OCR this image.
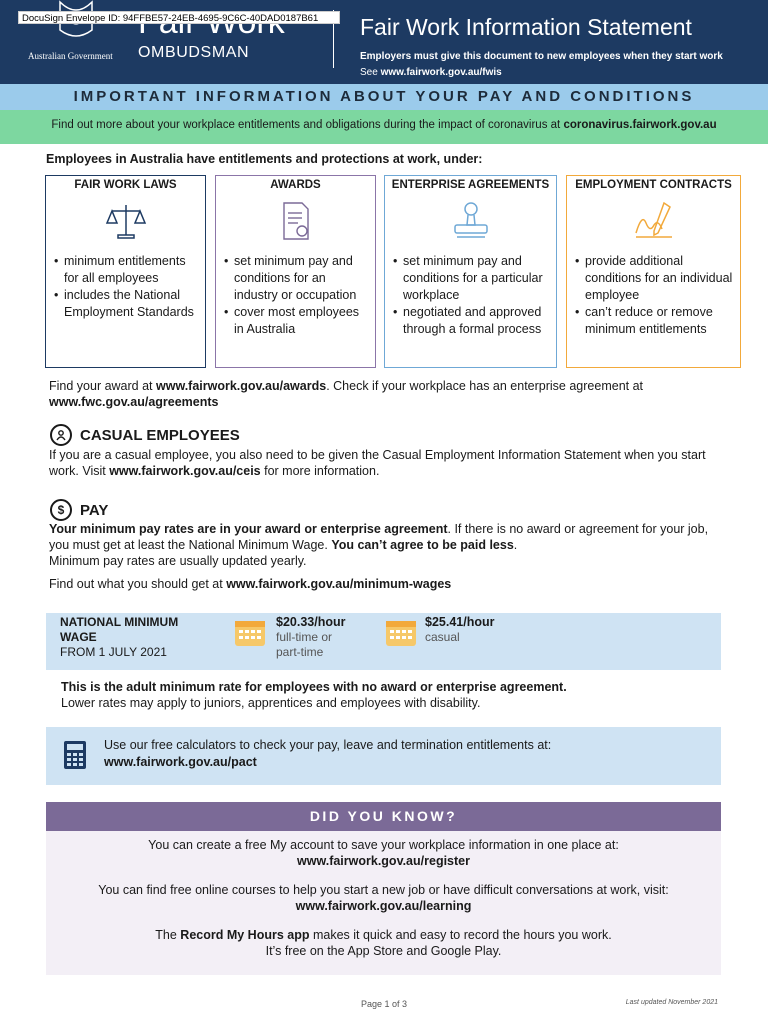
Australian Government OMBUDSMAN
Fair Work Information Statement
Employers must give this document to new employees when they start work
See www.fairwork.gov.au/fwis
DocuSign Envelope ID: 94FFBE57-24EB-4695-9C6C-40DAD0187B61
IMPORTANT INFORMATION ABOUT YOUR PAY AND CONDITIONS
Find out more about your workplace entitlements and obligations during the impact of coronavirus at coronavirus.fairwork.gov.au
Employees in Australia have entitlements and protections at work, under:
FAIR WORK LAWS
• minimum entitlements for all employees
• includes the National Employment Standards
AWARDS
• set minimum pay and conditions for an industry or occupation
• cover most employees in Australia
ENTERPRISE AGREEMENTS
• set minimum pay and conditions for a particular workplace
• negotiated and approved through a formal process
EMPLOYMENT CONTRACTS
• provide additional conditions for an individual employee
• can’t reduce or remove minimum entitlements
Find your award at www.fairwork.gov.au/awards. Check if your workplace has an enterprise agreement at
www.fwc.gov.au/agreements
CASUAL EMPLOYEES
If you are a casual employee, you also need to be given the Casual Employment Information Statement when you start work. Visit www.fairwork.gov.au/ceis for more information.
$ PAY
Your minimum pay rates are in your award or enterprise agreement. If there is no award or agreement for your job, you must get at least the National Minimum Wage. You can’t agree to be paid less.
Minimum pay rates are usually updated yearly.
Find out what you should get at www.fairwork.gov.au/minimum-wages
NATIONAL MINIMUM WAGE
FROM 1 JULY 2021
$20.33/hour
full-time or
part-time
$25.41/hour
casual
This is the adult minimum rate for employees with no award or enterprise agreement.
Lower rates may apply to juniors, apprentices and employees with disability.
Use our free calculators to check your pay, leave and termination entitlements at:
www.fairwork.gov.au/pact
DID YOU KNOW?

You can create a free My account to save your workplace information in one place at:
www.fairwork.gov.au/register

You can find free online courses to help you start a new job or have difficult conversations at work, visit:
www.fairwork.gov.au/learning

The Record My Hours app makes it quick and easy to record the hours you work.
It’s free on the App Store and Google Play.

Page 1 of 3	Last updated November 2021
